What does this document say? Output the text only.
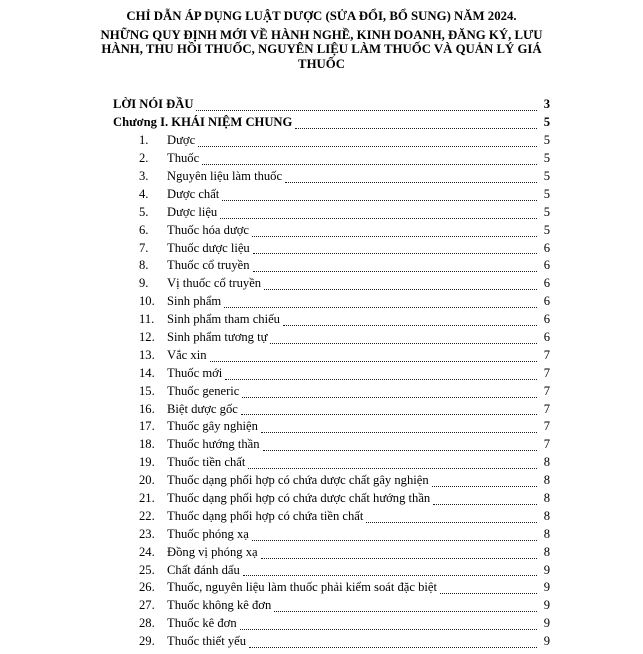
CHỈ DẪN ÁP DỤNG LUẬT DƯỢC (SỬA ĐỔI, BỔ SUNG) NĂM 2024.
NHỮNG QUY ĐỊNH MỚI VỀ HÀNH NGHỀ, KINH DOANH, ĐĂNG KÝ, LƯU HÀNH, THU HỒI THUỐC, NGUYÊN LIỆU LÀM THUỐC VÀ QUẢN LÝ GIÁ THUỐC
LỜI NÓI ĐẦU	3
Chương I. KHÁI NIỆM CHUNG	5
1.	Dược	5
2.	Thuốc	5
3.	Nguyên liệu làm thuốc	5
4.	Dược chất	5
5.	Dược liệu	5
6.	Thuốc hóa dược	5
7.	Thuốc dược liệu	6
8.	Thuốc cổ truyền	6
9.	Vị thuốc cổ truyền	6
10. Sinh phẩm	6
11.	Sinh phẩm tham chiếu	6
12. Sinh phẩm tương tự	6
13. Vắc xin	7
14. Thuốc mới	7
15. Thuốc generic	7
16. Biệt dược gốc	7
17. Thuốc gây nghiện	7
18. Thuốc hướng thần	7
19. Thuốc tiền chất	8
20. Thuốc dạng phối hợp có chứa dược chất gây nghiện	8
21. Thuốc dạng phối hợp có chứa dược chất hướng thần	8
22. Thuốc dạng phối hợp có chứa tiền chất	8
23. Thuốc phóng xạ	8
24. Đồng vị phóng xạ	8
25. Chất đánh dấu	9
26. Thuốc, nguyên liệu làm thuốc phải kiểm soát đặc biệt	9
27. Thuốc không kê đơn	9
28. Thuốc kê đơn	9
29. Thuốc thiết yếu	9
